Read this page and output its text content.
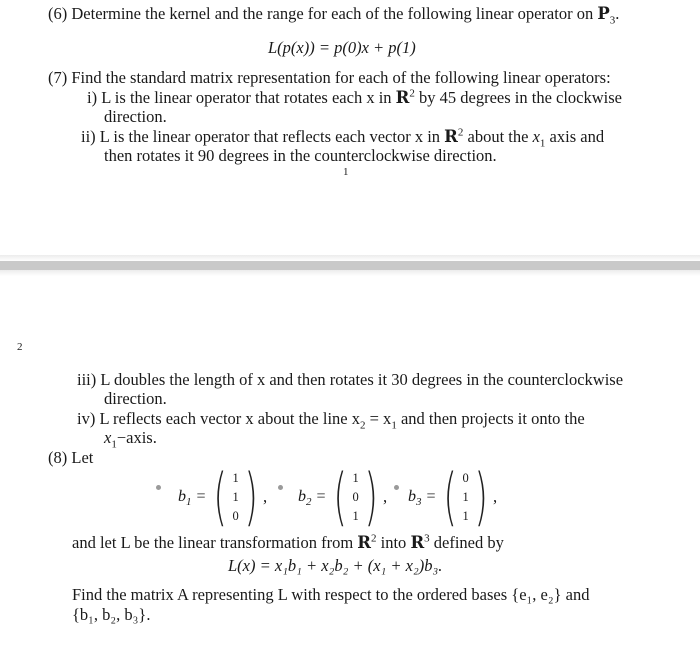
(6) Determine the kernel and the range for each of the following linear operator on $P_3$.
L(p(x)) = p(0)x + p(1)
(7) Find the standard matrix representation for each of the following linear operators:
i) L is the linear operator that rotates each x in $R^2$ by 45 degrees in the clockwise
direction.
ii) L is the linear operator that reflects each vector x in $R^2$ about the $x_1$ axis and
then rotates it 90 degrees in the counterclockwise direction.
1
2
iii) L doubles the length of x and then rotates it 30 degrees in the counterclockwise
direction.
iv) L reflects each vector x about the line $x_2 = x_1$ and then projects it onto the
$x_1-axis$.
(8) Let
$b_1$ = ( 1
1
0 ) , $b_2$ = ( 1
0
1 ) , $b_3$ = ( 0
1
1 ) ,
and let L be the linear transformation from $R^2$ into $R^3$ defined by
L(x) = x₁b₁ + x₂b₂ + (x₁ + x₂)b₃.
Find the matrix A representing L with respect to the ordered bases {e₁, e₂} and
{b₁, b₂, b₃}.
